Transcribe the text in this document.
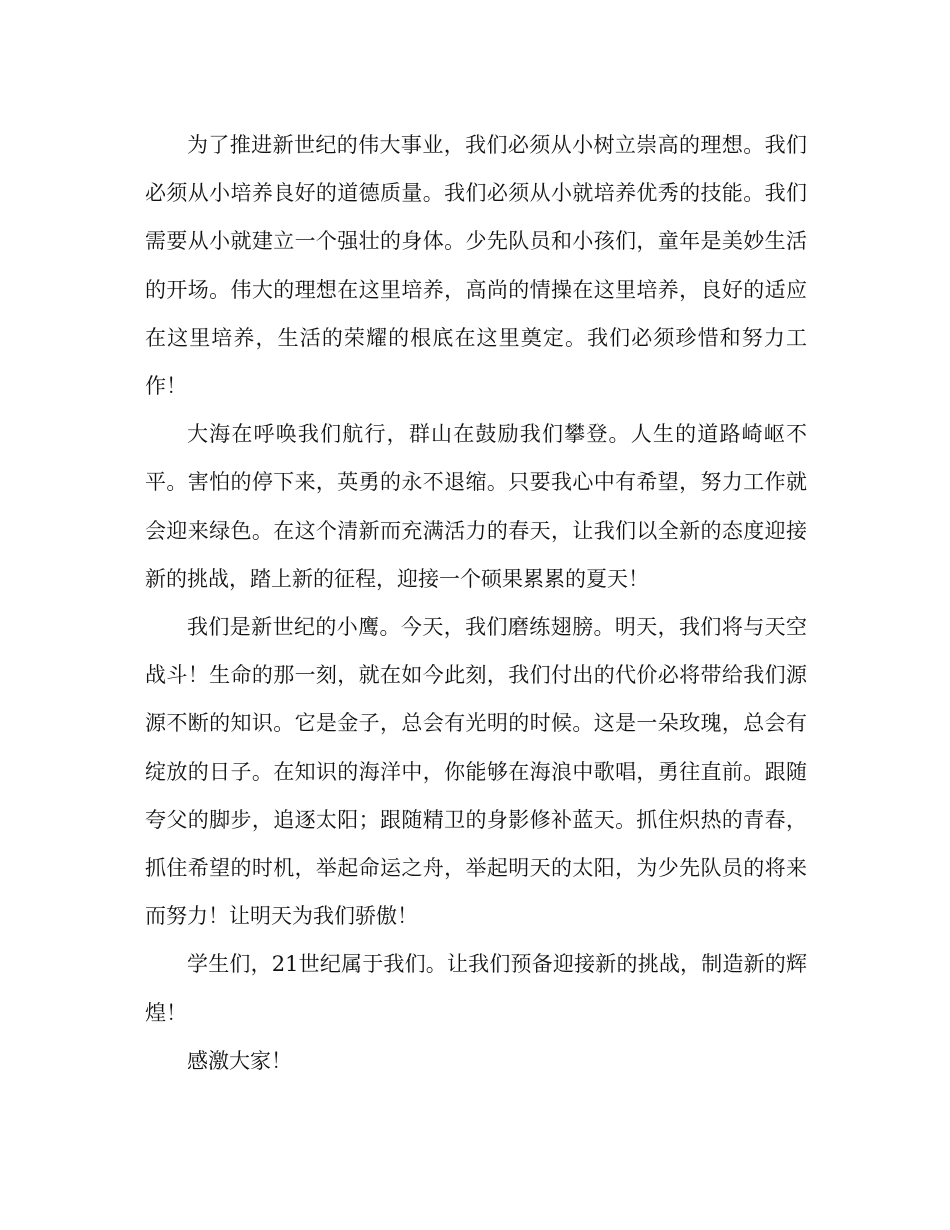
为了推进新世纪的伟大事业，我们必须从小树立崇高的理想。我们必须从小培养良好的道德质量。我们必须从小就培养优秀的技能。我们需要从小就建立一个强壮的身体。少先队员和小孩们，童年是美妙生活的开场。伟大的理想在这里培养，高尚的情操在这里培养，良好的适应在这里培养，生活的荣耀的根底在这里奠定。我们必须珍惜和努力工作！

大海在呼唤我们航行，群山在鼓励我们攀登。人生的道路崎岖不平。害怕的停下来，英勇的永不退缩。只要我心中有希望，努力工作就会迎来绿色。在这个清新而充满活力的春天，让我们以全新的态度迎接新的挑战，踏上新的征程，迎接一个硕果累累的夏天！

我们是新世纪的小鹰。今天，我们磨练翅膀。明天，我们将与天空战斗！生命的那一刻，就在如今此刻，我们付出的代价必将带给我们源源不断的知识。它是金子，总会有光明的时候。这是一朵玫瑰，总会有绽放的日子。在知识的海洋中，你能够在海浪中歌唱，勇往直前。跟随夸父的脚步，追逐太阳；跟随精卫的身影修补蓝天。抓住炽热的青春，抓住希望的时机，举起命运之舟，举起明天的太阳，为少先队员的将来而努力！让明天为我们骄傲！

学生们，21世纪属于我们。让我们预备迎接新的挑战，制造新的辉煌！

感激大家！
